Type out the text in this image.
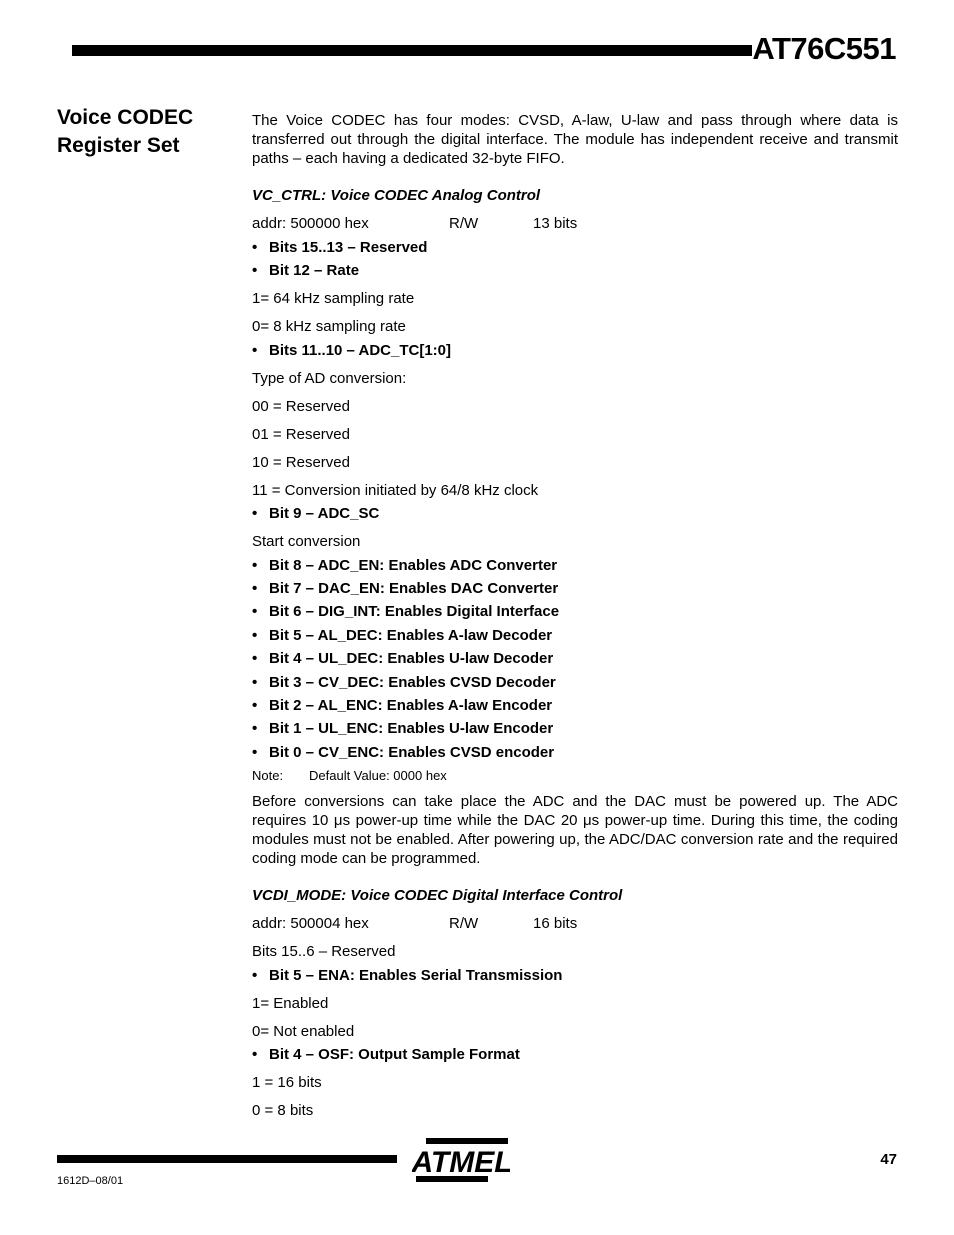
AT76C551
Voice CODEC
Register Set
The Voice CODEC has four modes: CVSD, A-law, U-law and pass through where data is transferred out through the digital interface. The module has independent receive and transmit paths – each having a dedicated 32-byte FIFO.
VC_CTRL: Voice CODEC Analog Control
addr: 500000 hex	R/W	13 bits
• Bits 15..13 – Reserved
• Bit 12 – Rate
1= 64 kHz sampling rate
0= 8 kHz sampling rate
• Bits 11..10 – ADC_TC[1:0]
Type of AD conversion:
00 = Reserved
01 = Reserved
10 = Reserved
11 = Conversion initiated by 64/8 kHz clock
• Bit 9 – ADC_SC
Start conversion
• Bit 8 – ADC_EN: Enables ADC Converter
• Bit 7 – DAC_EN: Enables DAC Converter
• Bit 6 – DIG_INT: Enables Digital Interface
• Bit 5 – AL_DEC: Enables A-law Decoder
• Bit 4 – UL_DEC: Enables U-law Decoder
• Bit 3 – CV_DEC: Enables CVSD Decoder
• Bit 2 – AL_ENC: Enables A-law Encoder
• Bit 1 – UL_ENC: Enables U-law Encoder
• Bit 0 – CV_ENC: Enables CVSD encoder
Note: Default Value: 0000 hex
Before conversions can take place the ADC and the DAC must be powered up. The ADC requires 10 μs power-up time while the DAC 20 μs power-up time. During this time, the coding modules must not be enabled. After powering up, the ADC/DAC conversion rate and the required coding mode can be programmed.
VCDI_MODE: Voice CODEC Digital Interface Control
addr: 500004 hex	R/W	16 bits
Bits 15..6 – Reserved
• Bit 5 – ENA: Enables Serial Transmission
1= Enabled
0= Not enabled
• Bit 4 – OSF: Output Sample Format
1 = 16 bits
0 = 8 bits
1612D–08/01
47
ATMEL
